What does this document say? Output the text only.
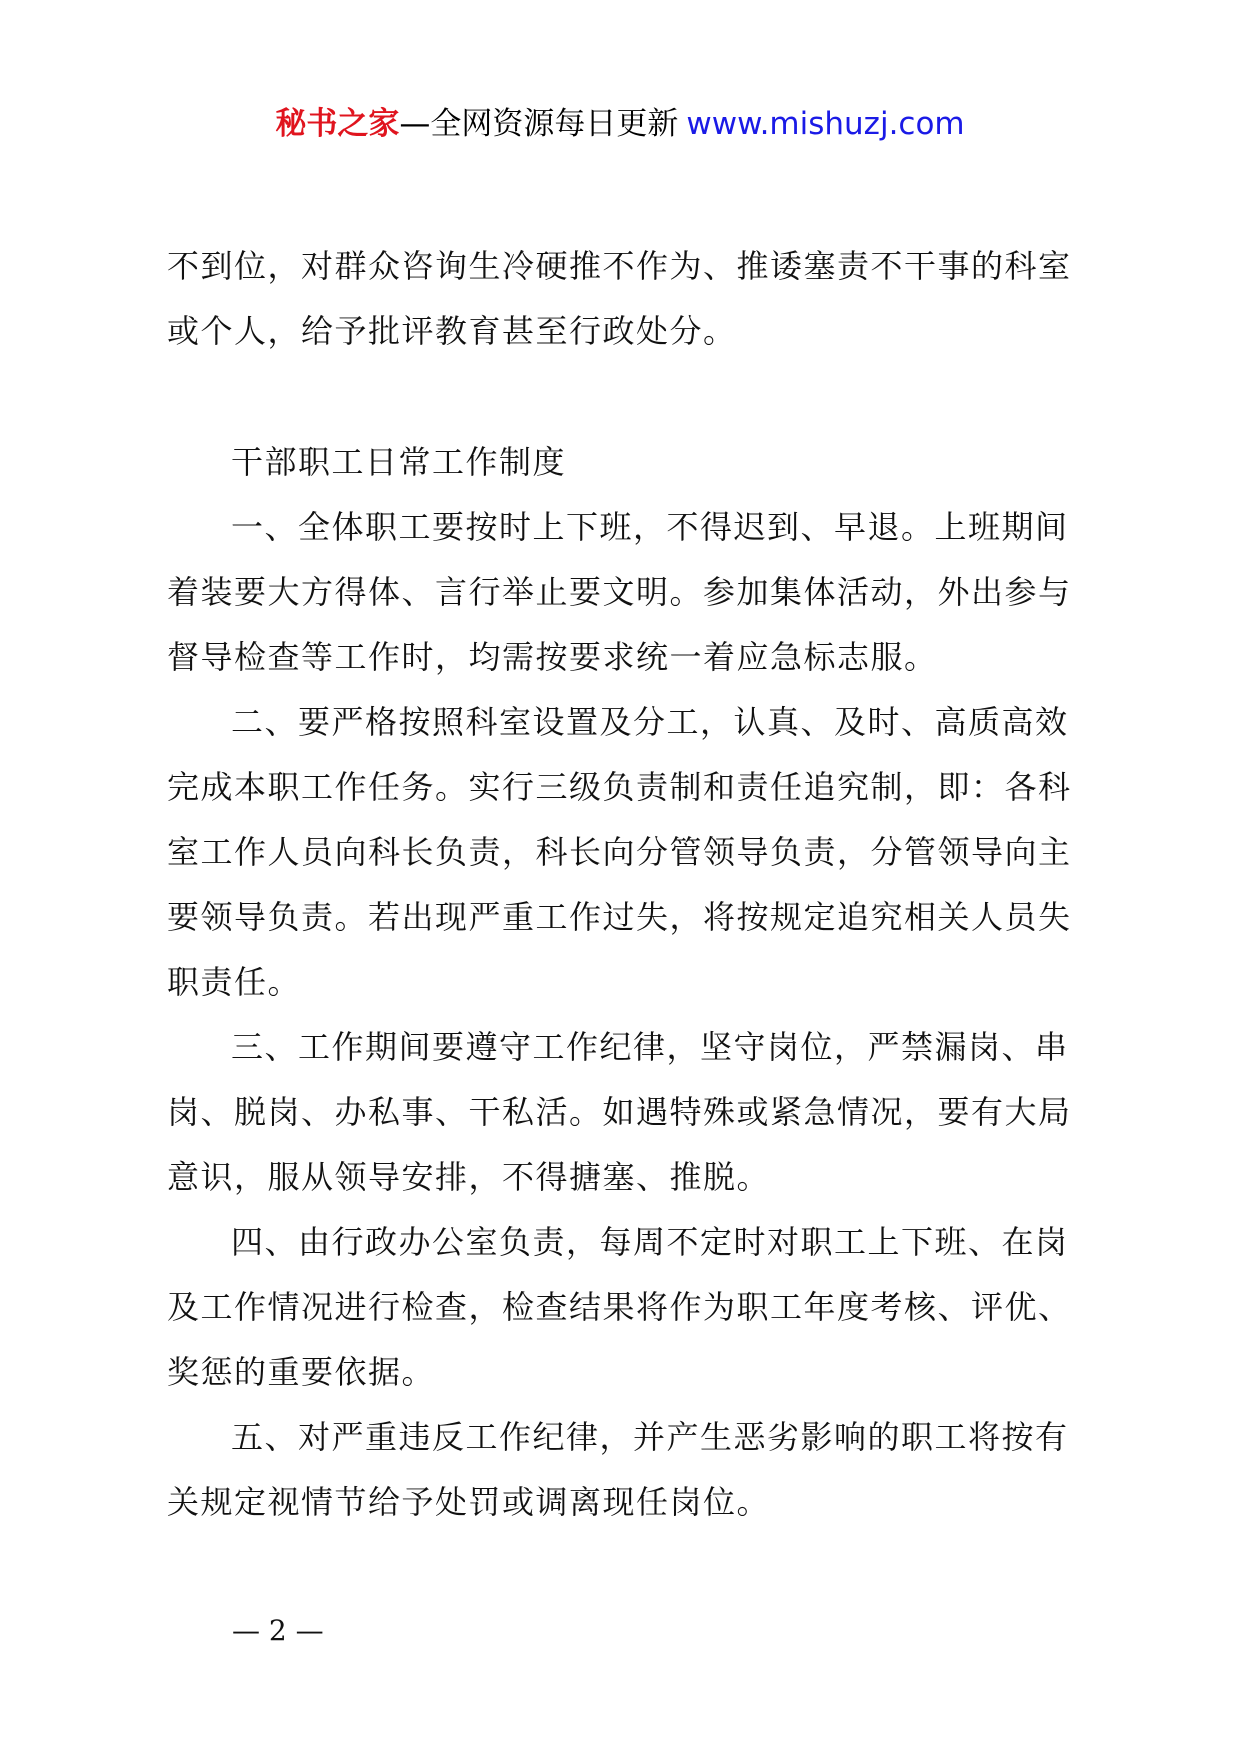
秘书之家—全网资源每日更新 www.mishuzj.com

不到位，对群众咨询生冷硬推不作为、推诿塞责不干事的科室或个人，给予批评教育甚至行政处分。

干部职工日常工作制度

一、全体职工要按时上下班，不得迟到、早退。上班期间着装要大方得体、言行举止要文明。参加集体活动，外出参与督导检查等工作时，均需按要求统一着应急标志服。

二、要严格按照科室设置及分工，认真、及时、高质高效完成本职工作任务。实行三级负责制和责任追究制，即：各科室工作人员向科长负责，科长向分管领导负责，分管领导向主要领导负责。若出现严重工作过失，将按规定追究相关人员失职责任。

三、工作期间要遵守工作纪律，坚守岗位，严禁漏岗、串岗、脱岗、办私事、干私活。如遇特殊或紧急情况，要有大局意识，服从领导安排，不得搪塞、推脱。

四、由行政办公室负责，每周不定时对职工上下班、在岗及工作情况进行检查，检查结果将作为职工年度考核、评优、奖惩的重要依据。

五、对严重违反工作纪律，并产生恶劣影响的职工将按有关规定视情节给予处罚或调离现任岗位。

— 2 —
